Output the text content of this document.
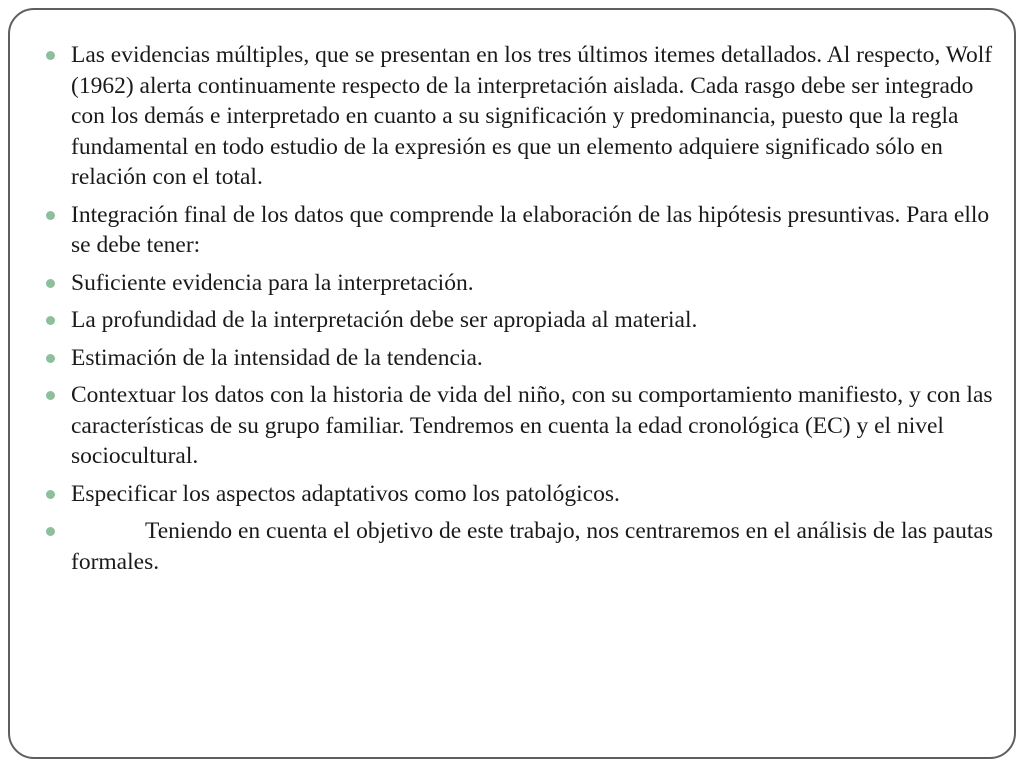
Las evidencias múltiples, que se presentan en los tres últimos itemes detallados. Al respecto, Wolf (1962) alerta continuamente respecto de la interpretación aislada. Cada rasgo debe ser integrado con los demás e interpretado en cuanto a su significación y predominancia, puesto que la regla fundamental en todo estudio de la expresión es que un elemento adquiere significado sólo en relación con el total.
Integración final de los datos que comprende la elaboración de las hipótesis presuntivas. Para ello se debe tener:
Suficiente evidencia para la interpretación.
La profundidad de la interpretación debe ser apropiada al material.
Estimación de la intensidad de la tendencia.
Contextuar los datos con la historia de vida del niño, con su comportamiento manifiesto, y con las características de su grupo familiar. Tendremos en cuenta la edad cronológica (EC) y el nivel sociocultural.
Especificar los aspectos adaptativos como los patológicos.
Teniendo en cuenta el objetivo de este trabajo, nos centraremos en el análisis de las pautas formales.
